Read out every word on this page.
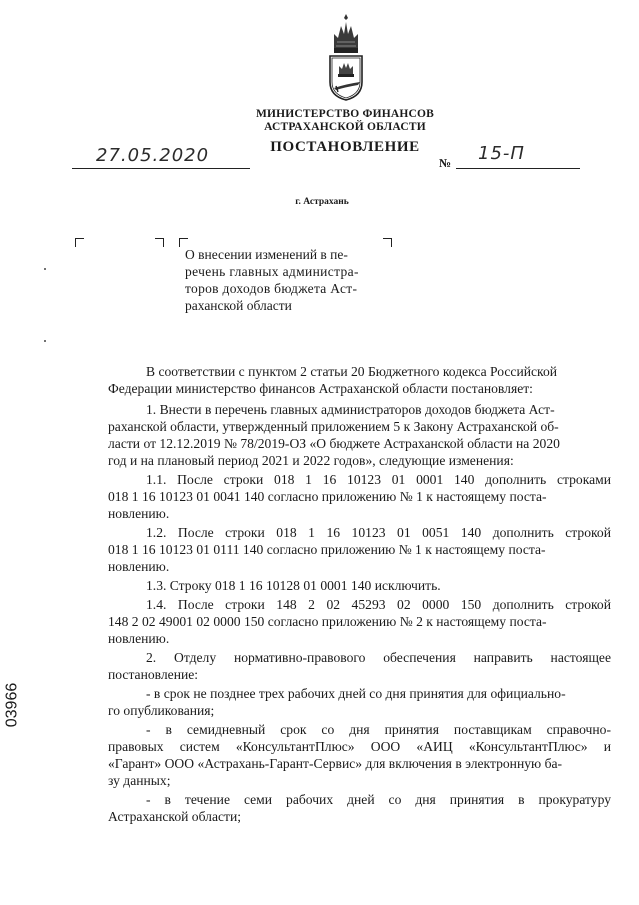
МИНИСТЕРСТВО ФИНАНСОВ
АСТРАХАНСКОЙ ОБЛАСТИ
ПОСТАНОВЛЕНИЕ
27.05.2020	№ 15-П
г. Астрахань
О внесении изменений в пе-
речень главных администра-
торов доходов бюджета Аст-
раханской области
В соответствии с пунктом 2 статьи 20 Бюджетного кодекса Российской
Федерации министерство финансов Астраханской области постановляет:
1. Внести в перечень главных администраторов доходов бюджета Аст-
раханской области, утвержденный приложением 5 к Закону Астраханской об-
ласти от 12.12.2019 № 78/2019-ОЗ «О бюджете Астраханской области на 2020
год и на плановый период 2021 и 2022 годов», следующие изменения:
1.1. После строки 018 1 16 10123 01 0001 140 дополнить строками
018 1 16 10123 01 0041 140 согласно приложению № 1 к настоящему поста-
новлению.
1.2. После строки 018 1 16 10123 01 0051 140 дополнить строкой
018 1 16 10123 01 0111 140 согласно приложению № 1 к настоящему поста-
новлению.
1.3. Строку 018 1 16 10128 01 0001 140 исключить.
1.4. После строки 148 2 02 45293 02 0000 150 дополнить строкой
148 2 02 49001 02 0000 150 согласно приложению № 2 к настоящему поста-
новлению.
2. Отделу нормативно-правового обеспечения направить настоящее
постановление:
- в срок не позднее трех рабочих дней со дня принятия для официально-
го опубликования;
- в семидневный срок со дня принятия поставщикам справочно-
правовых систем «КонсультантПлюс» ООО «АИЦ «КонсультантПлюс» и
«Гарант» ООО «Астрахань-Гарант-Сервис» для включения в электронную ба-
зу данных;
- в течение семи рабочих дней со дня принятия в прокуратуру
Астраханской области;
03966
